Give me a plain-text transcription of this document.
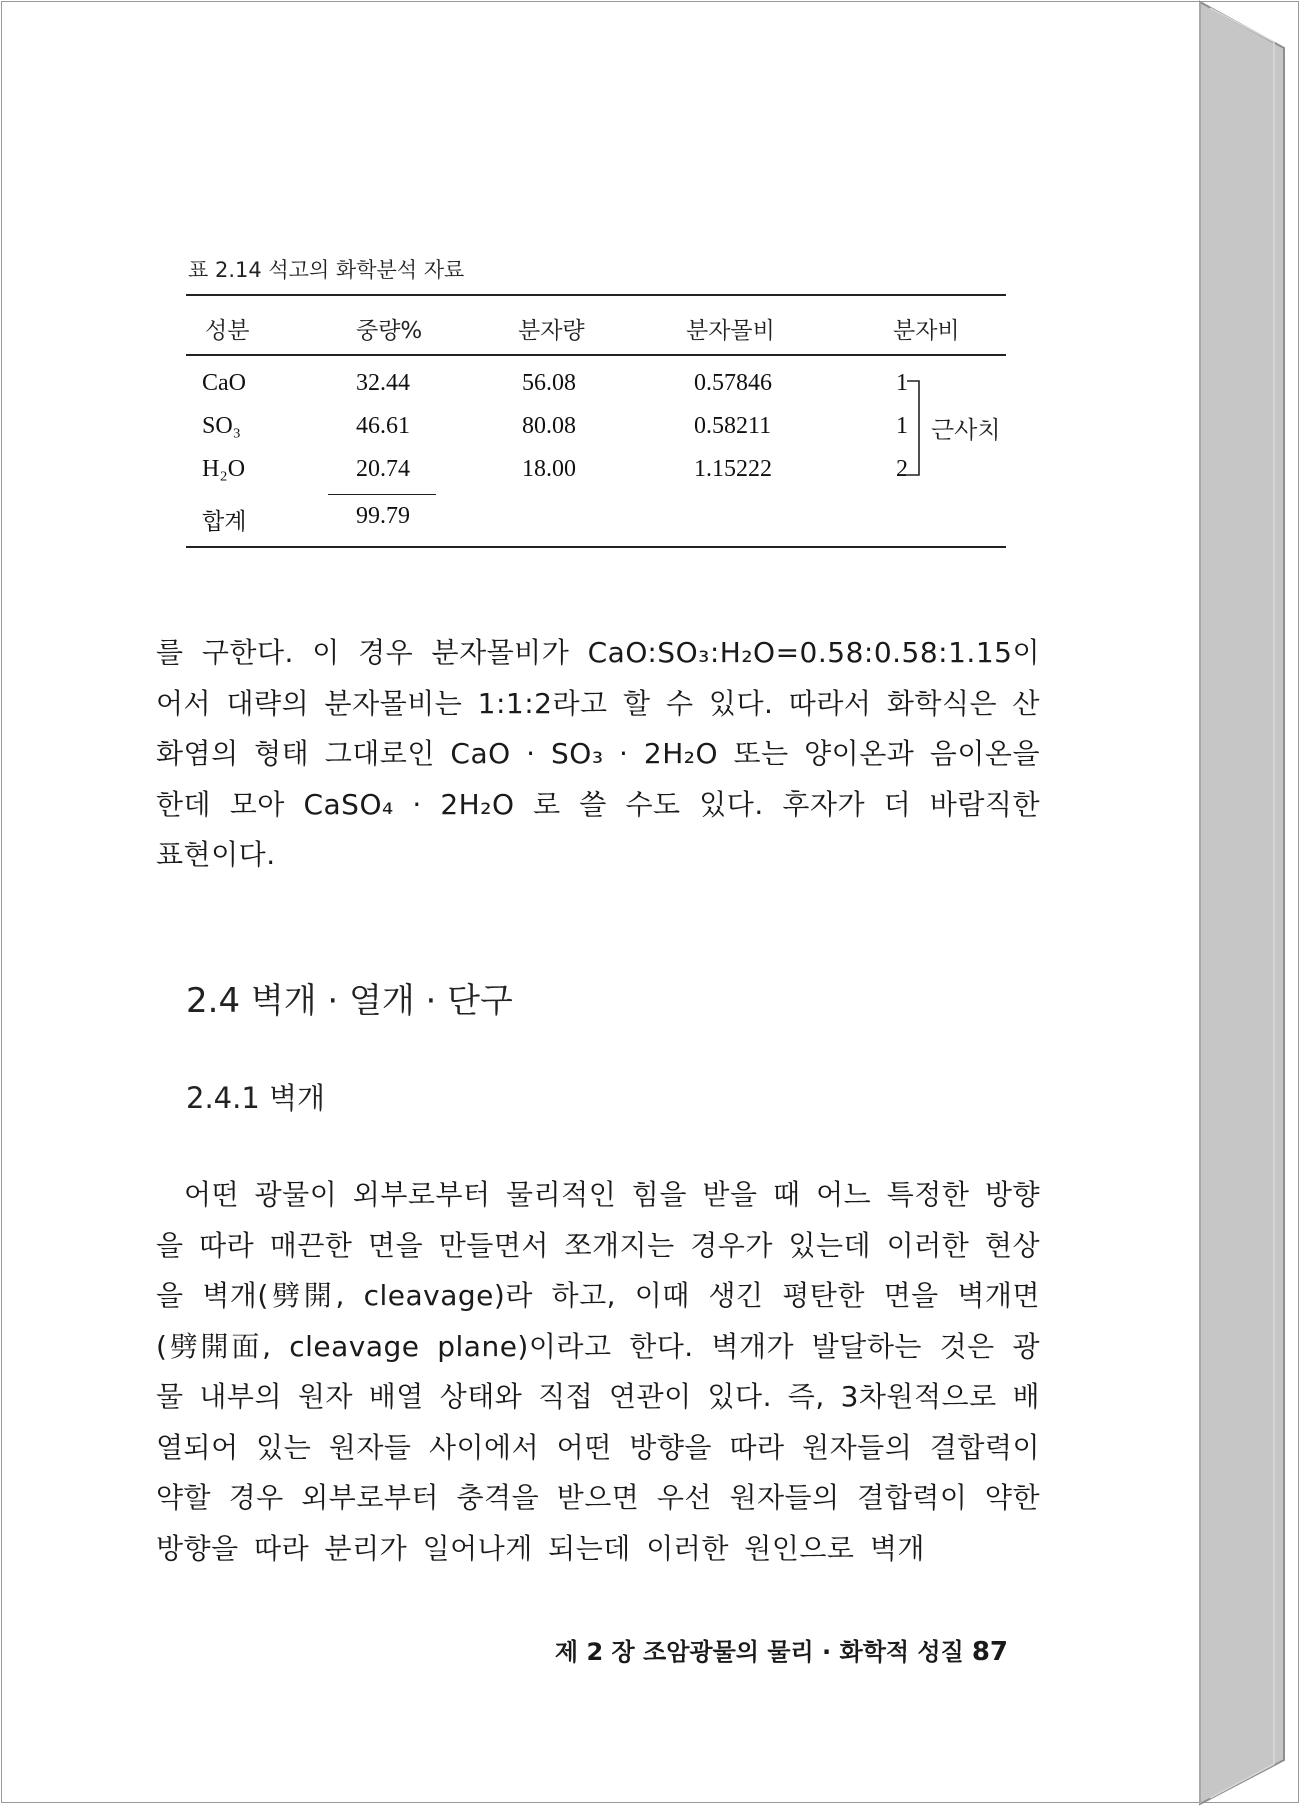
표 2.14 석고의 화학분석 자료
성분	중량%	분자량	분자몰비	분자비
CaO	32.44	56.08	0.57846	1
SO₃	46.61	80.08	0.58211	1
H₂O	20.74	18.00	1.15222	2
근사치
합계	99.79

를 구한다. 이 경우 분자몰비가 CaO:SO₃:H₂O=0.58:0.58:1.15이어서 대략의 분자몰비는 1:1:2라고 할 수 있다. 따라서 화학식은 산화염의 형태 그대로인 CaO · SO₃ · 2H₂O 또는 양이온과 음이온을 한데 모아 CaSO₄ · 2H₂O 로 쓸 수도 있다. 후자가 더 바람직한 표현이다.

2.4 벽개 · 열개 · 단구
2.4.1 벽개

어떤 광물이 외부로부터 물리적인 힘을 받을 때 어느 특정한 방향을 따라 매끈한 면을 만들면서 쪼개지는 경우가 있는데 이러한 현상을 벽개(劈開, cleavage)라 하고, 이때 생긴 평탄한 면을 벽개면(劈開面, cleavage plane)이라고 한다. 벽개가 발달하는 것은 광물 내부의 원자 배열 상태와 직접 연관이 있다. 즉, 3차원적으로 배열되어 있는 원자들 사이에서 어떤 방향을 따라 원자들의 결합력이 약할 경우 외부로부터 충격을 받으면 우선 원자들의 결합력이 약한 방향을 따라 분리가 일어나게 되는데 이러한 원인으로 벽개

제 2 장 조암광물의 물리 · 화학적 성질 87
